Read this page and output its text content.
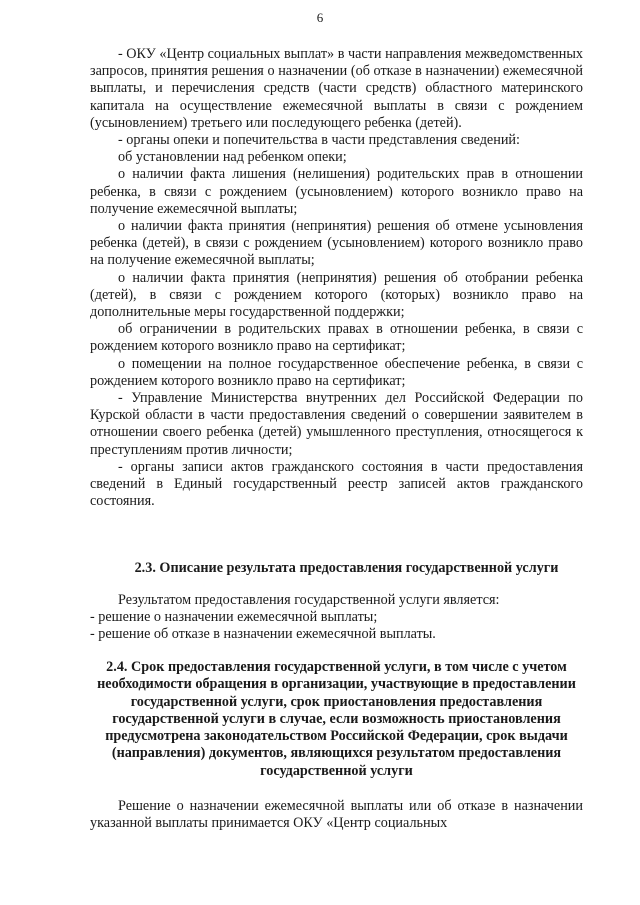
6

- ОКУ «Центр социальных выплат» в части направления межведомственных запросов, принятия решения о назначении (об отказе в назначении) ежемесячной выплаты, и перечисления средств (части средств) областного материнского капитала на осуществление ежемесячной выплаты в связи с рождением (усыновлением) третьего или последующего ребенка (детей).

- органы опеки и попечительства в части представления сведений:

об установлении над ребенком опеки;

о наличии факта лишения (нелишения) родительских прав в отношении ребенка, в связи с рождением (усыновлением) которого возникло право на получение ежемесячной выплаты;

о наличии факта принятия (непринятия) решения об отмене усыновления ребенка (детей), в связи с рождением (усыновлением) которого возникло право на получение ежемесячной выплаты;

о наличии факта принятия (непринятия) решения об отобрании ребенка (детей), в связи с рождением которого (которых) возникло право на дополнительные меры государственной поддержки;

об ограничении в родительских правах в отношении ребенка, в связи с рождением которого возникло право на сертификат;

о помещении на полное государственное обеспечение ребенка, в связи с рождением которого возникло право на сертификат;

- Управление Министерства внутренних дел Российской Федерации по Курской области в части предоставления сведений о совершении заявителем в отношении своего ребенка (детей) умышленного преступления, относящегося к преступлениям против личности;

- органы записи актов гражданского состояния в части предоставления сведений в Единый государственный реестр записей актов гражданского состояния.

2.3. Описание результата предоставления государственной услуги

Результатом предоставления государственной услуги является:

- решение о назначении ежемесячной выплаты;

- решение об отказе в назначении ежемесячной выплаты.

2.4. Срок предоставления государственной услуги, в том числе с учетом необходимости обращения в организации, участвующие в предоставлении государственной услуги, срок приостановления предоставления государственной услуги в случае, если возможность приостановления предусмотрена законодательством Российской Федерации, срок выдачи (направления) документов, являющихся результатом предоставления государственной услуги

Решение о назначении ежемесячной выплаты или об отказе в назначении указанной выплаты принимается ОКУ «Центр социальных
